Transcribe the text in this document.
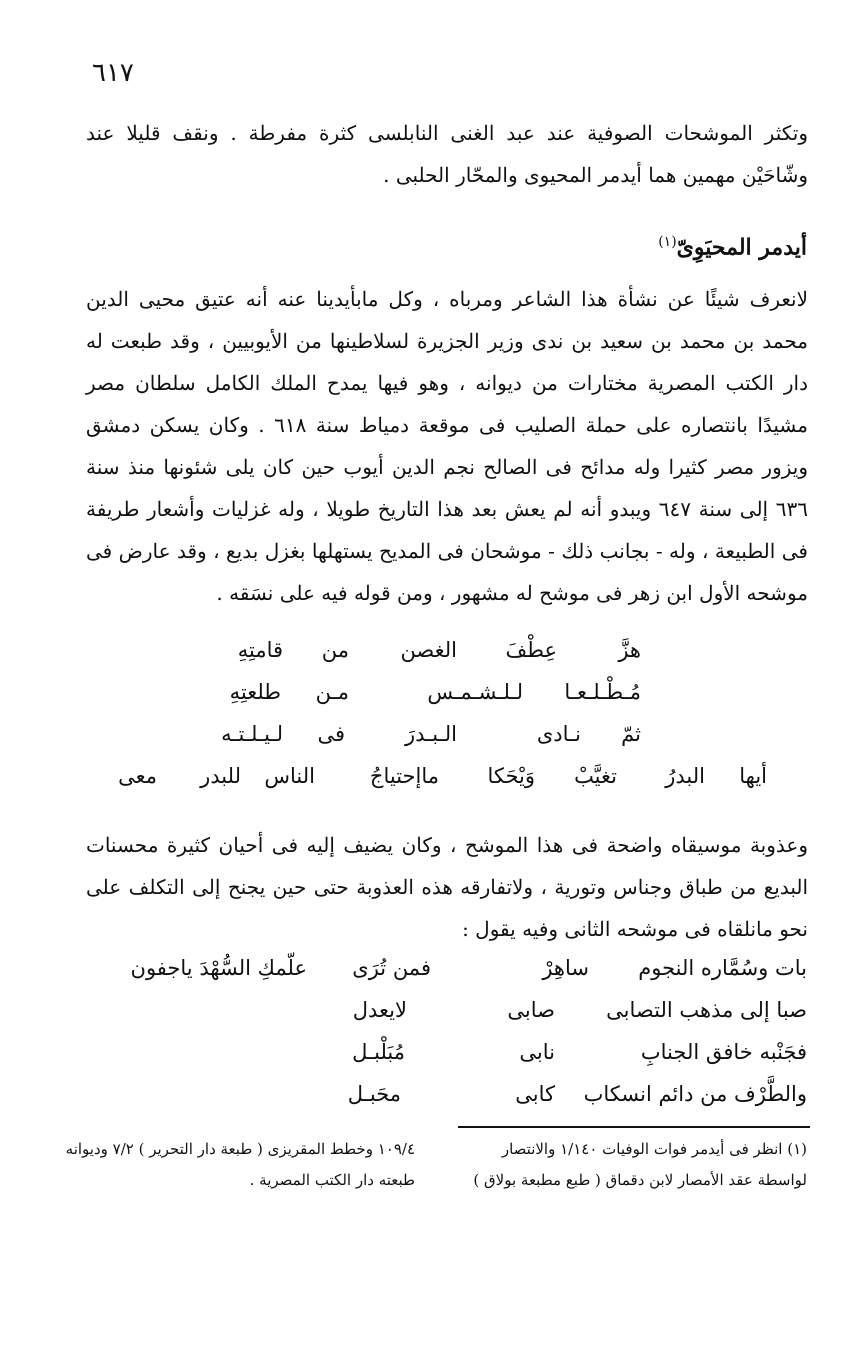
٦١٧
وتكثر الموشحات الصوفية عند عبد الغنى النابلسى كثرة مفرطة . ونقف قليلا عند وشّاحَيْن مهمين هما أيدمر المحيوى والمحّار الحلبى .
أيدمر المحيَوِىّ$^{(١)}$
لانعرف شيئًا عن نشأة هذا الشاعر ومرباه ، وكل مابأيدينا عنه أنه عتيق محيى الدين محمد بن محمد بن سعيد بن ندى وزير الجزيرة لسلاطينها من الأيوبيين ، وقد طبعت له دار الكتب المصرية مختارات من ديوانه ، وهو فيها يمدح الملك الكامل سلطان مصر مشيدًا بانتصاره على حملة الصليب فى موقعة دمياط سنة ٦١٨ . وكان يسكن دمشق ويزور مصر كثيرا وله مدائح فى الصالح نجم الدين أيوب حين كان يلى شئونها منذ سنة ٦٣٦ إلى سنة ٦٤٧ ويبدو أنه لم يعش بعد هذا التاريخ طويلا ، وله غزليات وأشعار طريفة فى الطبيعة ، وله - بجانب ذلك - موشحان فى المديح يستهلها بغزل بديع ، وقد عارض فى موشحه الأول ابن زهر فى موشح له مشهور ، ومن قوله فيه على نسَقه .
هزَّ
عِطْفَ
الغصن
من
قامتِهِ
مُـطْـلـعـا
لـلـشـمـس
مـن
طلعتِهِ
ثمّ
نـادى
الـبـدرَ
فى
لـيـلـتـه
أيها
البدرُ
تغيَّبْ
وَيْحَكا
ماإحتياجُ
الناس
للبدر
معى
وعذوبة موسيقاه واضحة فى هذا الموشح ، وكان يضيف إليه فى أحيان كثيرة محسنات البديع من طباق وجناس وتورية ، ولاتفارقه هذه العذوبة حتى حين يجنح إلى التكلف على نحو مانلقاه فى موشحه الثانى وفيه يقول :
بات وسُمَّاره النجوم
ساهِرْ
فمن تُرَى
علّمكِ السُّهْدَ ياجفون
صبا إلى مذهب التصابى
صابى
لايعدل
فجَنْبه خافق الجنابِ
نابى
مُبَلْبـل
والطَّرْف من دائم انسكاب
كابى
محَبـل
(١) انظر فى أيدمر فوات الوفيات ١/١٤٠ والانتصار
لواسطة عقد الأمصار لابن دقماق ( طبع مطبعة بولاق )
١٠٩/٤ وخطط المقريزى ( طبعة دار التحرير ) ٧/٢ وديوانه
طبعته دار الكتب المصرية .
